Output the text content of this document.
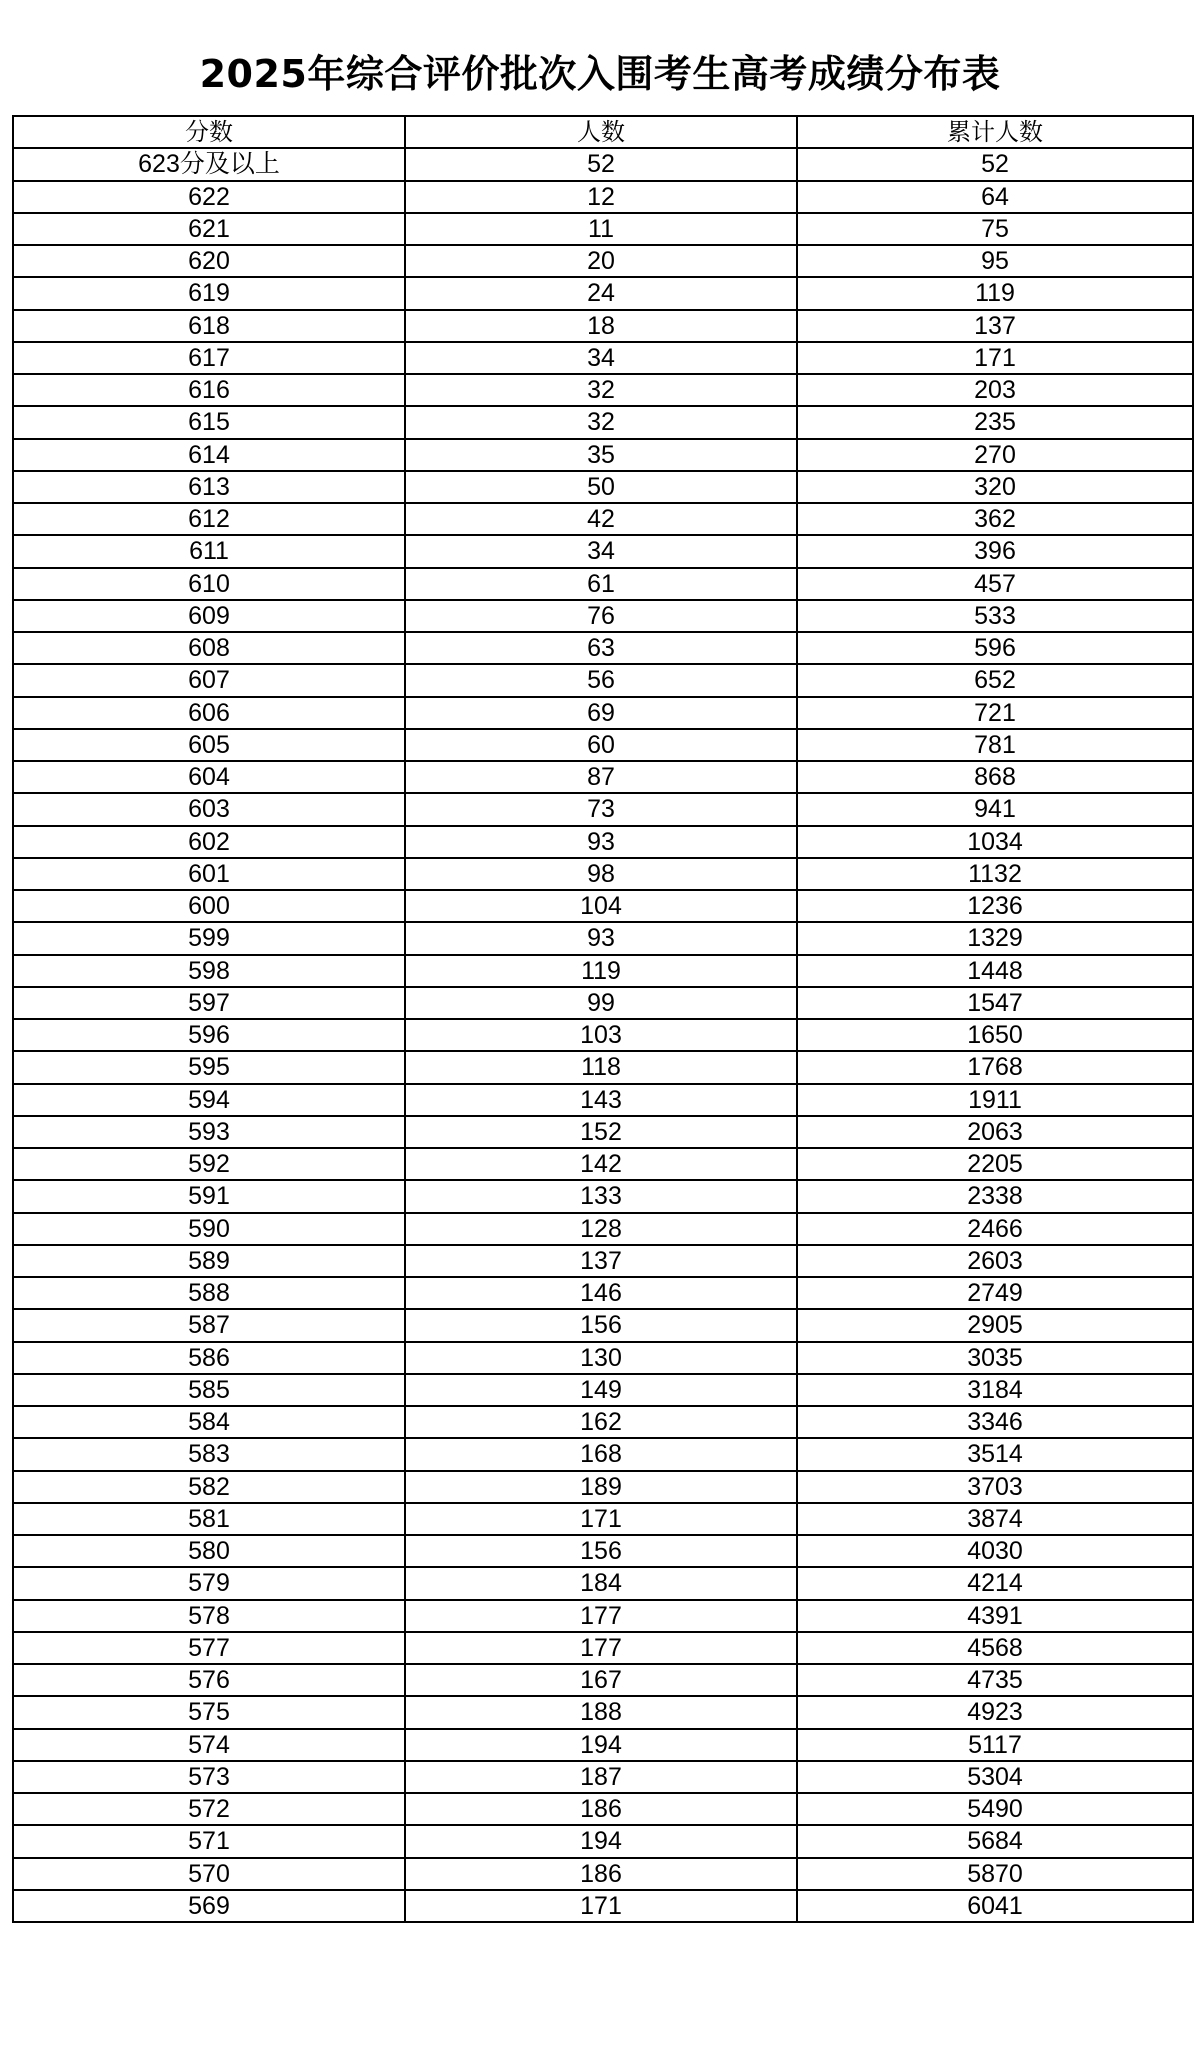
2025年综合评价批次入围考生高考成绩分布表
分数	人数	累计人数
623分及以上	52	52
622	12	64
621	11	75
620	20	95
619	24	119
618	18	137
617	34	171
616	32	203
615	32	235
614	35	270
613	50	320
612	42	362
611	34	396
610	61	457
609	76	533
608	63	596
607	56	652
606	69	721
605	60	781
604	87	868
603	73	941
602	93	1034
601	98	1132
600	104	1236
599	93	1329
598	119	1448
597	99	1547
596	103	1650
595	118	1768
594	143	1911
593	152	2063
592	142	2205
591	133	2338
590	128	2466
589	137	2603
588	146	2749
587	156	2905
586	130	3035
585	149	3184
584	162	3346
583	168	3514
582	189	3703
581	171	3874
580	156	4030
579	184	4214
578	177	4391
577	177	4568
576	167	4735
575	188	4923
574	194	5117
573	187	5304
572	186	5490
571	194	5684
570	186	5870
569	171	6041
